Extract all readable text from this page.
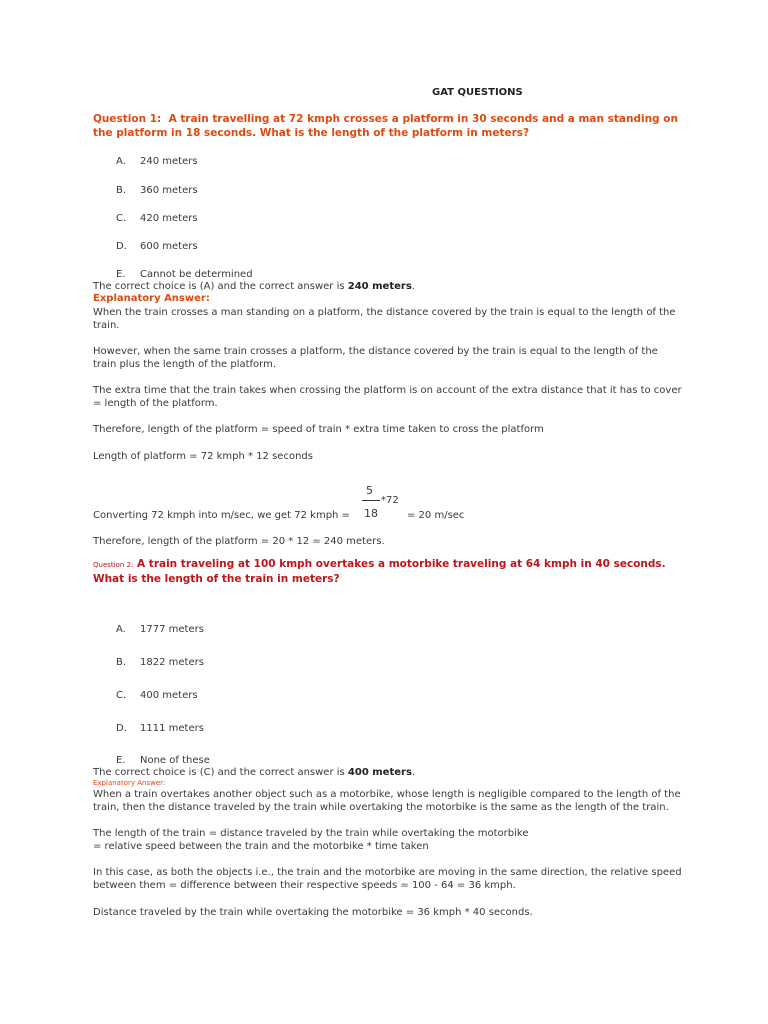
GAT QUESTIONS
Question 1: A train travelling at 72 kmph crosses a platform in 30 seconds and a man standing on the platform in 18 seconds. What is the length of the platform in meters?
A. 240 meters
B. 360 meters
C. 420 meters
D. 600 meters
E. Cannot be determined
The correct choice is (A) and the correct answer is 240 meters.
Explanatory Answer:
When the train crosses a man standing on a platform, the distance covered by the train is equal to the length of the train.
However, when the same train crosses a platform, the distance covered by the train is equal to the length of the train plus the length of the platform.
The extra time that the train takes when crossing the platform is on account of the extra distance that it has to cover = length of the platform.
Therefore, length of the platform = speed of train * extra time taken to cross the platform
Length of platform = 72 kmph * 12 seconds
5
*72
18
Converting 72 kmph into m/sec, we get 72 kmph =	= 20 m/sec
Therefore, length of the platform = 20 * 12 = 240 meters.
Question 2: A train traveling at 100 kmph overtakes a motorbike traveling at 64 kmph in 40 seconds. What is the length of the train in meters?
A. 1777 meters
B. 1822 meters
C. 400 meters
D. 1111 meters
E. None of these
The correct choice is (C) and the correct answer is 400 meters.
Explanatory Answer:
When a train overtakes another object such as a motorbike, whose length is negligible compared to the length of the train, then the distance traveled by the train while overtaking the motorbike is the same as the length of the train.
The length of the train = distance traveled by the train while overtaking the motorbike
= relative speed between the train and the motorbike * time taken
In this case, as both the objects i.e., the train and the motorbike are moving in the same direction, the relative speed between them = difference between their respective speeds = 100 - 64 = 36 kmph.
Distance traveled by the train while overtaking the motorbike = 36 kmph * 40 seconds.
